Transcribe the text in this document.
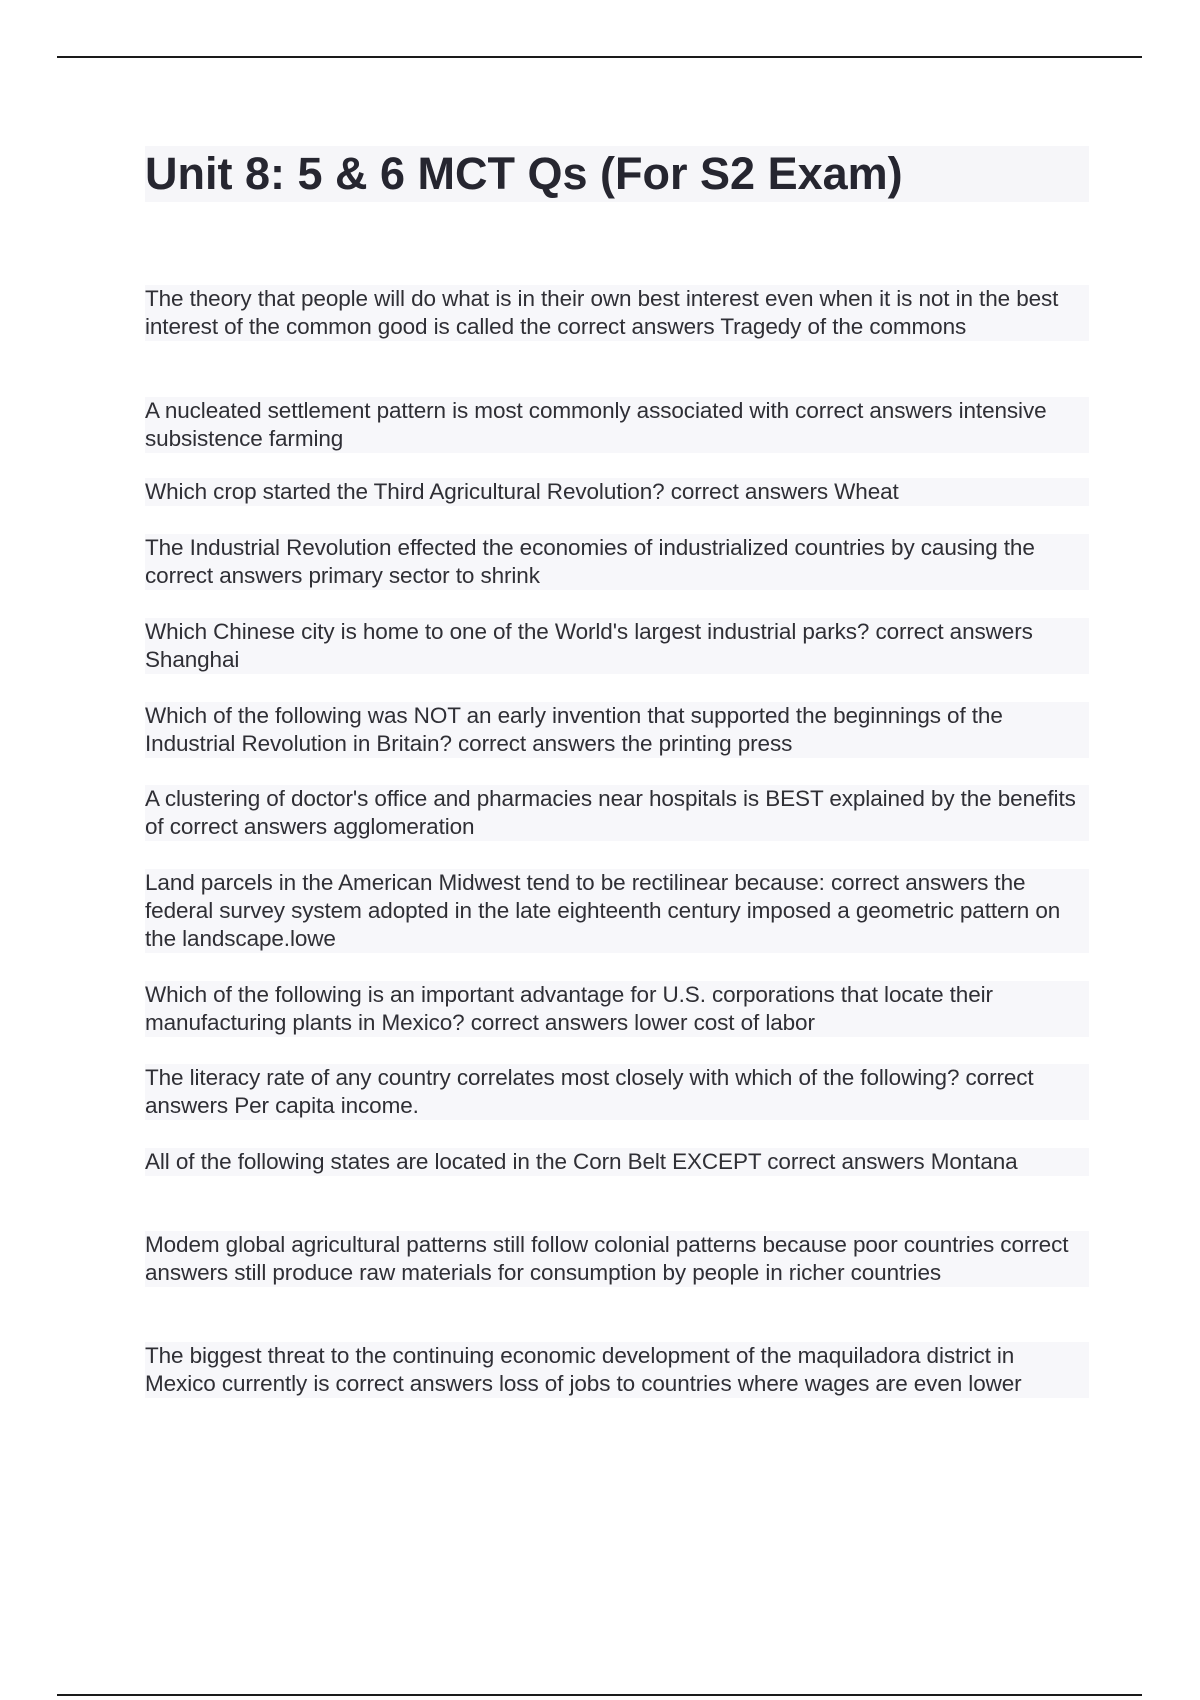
Unit 8: 5 & 6 MCT Qs (For S2 Exam)

The theory that people will do what is in their own best interest even when it is not in the best interest of the common good is called the correct answers Tragedy of the commons

A nucleated settlement pattern is most commonly associated with correct answers intensive subsistence farming

Which crop started the Third Agricultural Revolution? correct answers Wheat

The Industrial Revolution effected the economies of industrialized countries by causing the correct answers primary sector to shrink

Which Chinese city is home to one of the World's largest industrial parks? correct answers Shanghai

Which of the following was NOT an early invention that supported the beginnings of the Industrial Revolution in Britain? correct answers the printing press

A clustering of doctor's office and pharmacies near hospitals is BEST explained by the benefits of correct answers agglomeration

Land parcels in the American Midwest tend to be rectilinear because: correct answers the federal survey system adopted in the late eighteenth century imposed a geometric pattern on the landscape.lowe

Which of the following is an important advantage for U.S. corporations that locate their manufacturing plants in Mexico? correct answers lower cost of labor

The literacy rate of any country correlates most closely with which of the following? correct answers Per capita income.

All of the following states are located in the Corn Belt EXCEPT correct answers Montana

Modem global agricultural patterns still follow colonial patterns because poor countries correct answers still produce raw materials for consumption by people in richer countries

The biggest threat to the continuing economic development of the maquiladora district in Mexico currently is correct answers loss of jobs to countries where wages are even lower
